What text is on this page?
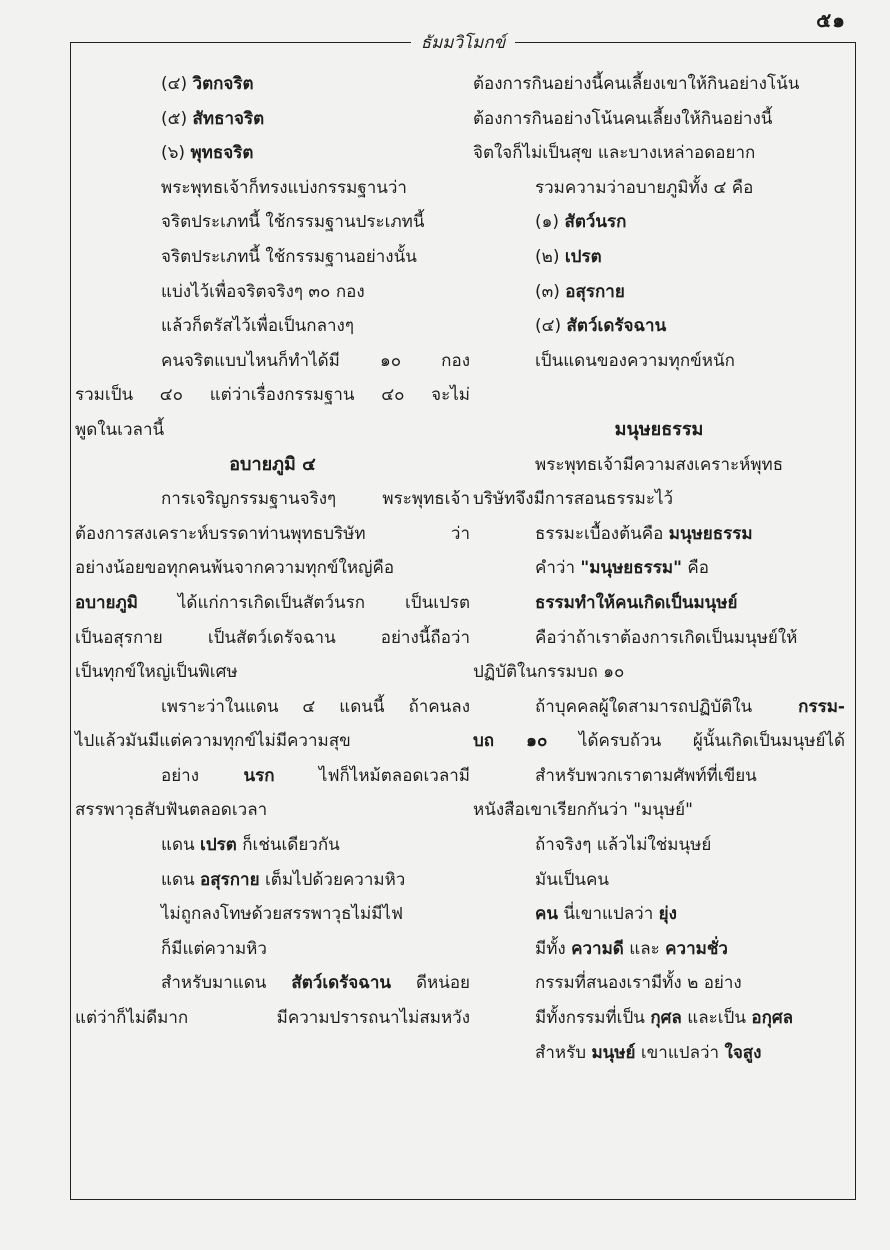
๕๑
ธัมมวิโมกข์
(๔) วิตกจริต
(๕) สัทธาจริต
(๖) พุทธจริต
พระพุทธเจ้าก็ทรงแบ่งกรรมฐานว่า
จริตประเภทนี้ ใช้กรรมฐานประเภทนี้
จริตประเภทนี้ ใช้กรรมฐานอย่างนั้น
แบ่งไว้เพื่อจริตจริงๆ ๓๐ กอง
แล้วก็ตรัสไว้เพื่อเป็นกลางๆ
คนจริตแบบไหนก็ทำได้มี ๑๐ กอง
รวมเป็น ๔๐ แต่ว่าเรื่องกรรมฐาน ๔๐ จะไม่
พูดในเวลานี้
อบายภูมิ ๔
การเจริญกรรมฐานจริงๆ พระพุทธเจ้า
ต้องการสงเคราะห์บรรดาท่านพุทธบริษัท ว่า
อย่างน้อยขอทุกคนพ้นจากความทุกข์ใหญ่คือ
อบายภูมิ ได้แก่การเกิดเป็นสัตว์นรก เป็นเปรต
เป็นอสุรกาย เป็นสัตว์เดรัจฉาน อย่างนี้ถือว่า
เป็นทุกข์ใหญ่เป็นพิเศษ
เพราะว่าในแดน ๔ แดนนี้ ถ้าคนลง
ไปแล้วมันมีแต่ความทุกข์ไม่มีความสุข
อย่าง นรก ไฟก็ไหม้ตลอดเวลามี
สรรพาวุธสับฟันตลอดเวลา
แดน เปรต ก็เช่นเดียวกัน
แดน อสุรกาย เต็มไปด้วยความหิว
ไม่ถูกลงโทษด้วยสรรพาวุธไม่มีไฟ
ก็มีแต่ความหิว
สำหรับมาแดน สัตว์เดรัจฉาน ดีหน่อย
แต่ว่าก็ไม่ดีมาก มีความปรารถนาไม่สมหวัง
ต้องการกินอย่างนี้คนเลี้ยงเขาให้กินอย่างโน้น
ต้องการกินอย่างโน้นคนเลี้ยงให้กินอย่างนี้
จิตใจก็ไม่เป็นสุข และบางเหล่าอดอยาก
รวมความว่าอบายภูมิทั้ง ๔ คือ
(๑) สัตว์นรก
(๒) เปรต
(๓) อสุรกาย
(๔) สัตว์เดรัจฉาน
เป็นแดนของความทุกข์หนัก
มนุษยธรรม
พระพุทธเจ้ามีความสงเคราะห์พุทธ
บริษัทจึงมีการสอนธรรมะไว้
ธรรมะเบื้องต้นคือ มนุษยธรรม
คำว่า "มนุษยธรรม" คือ
ธรรมทำให้คนเกิดเป็นมนุษย์
คือว่าถ้าเราต้องการเกิดเป็นมนุษย์ให้
ปฏิบัติในกรรมบถ ๑๐
ถ้าบุคคลผู้ใดสามารถปฏิบัติใน กรรม-
บถ ๑๐ ได้ครบถ้วน ผู้นั้นเกิดเป็นมนุษย์ได้
สำหรับพวกเราตามศัพท์ที่เขียน
หนังสือเขาเรียกกันว่า "มนุษย์"
ถ้าจริงๆ แล้วไม่ใช่มนุษย์
มันเป็นคน
คน นี่เขาแปลว่า ยุ่ง
มีทั้ง ความดี และ ความชั่ว
กรรมที่สนองเรามีทั้ง ๒ อย่าง
มีทั้งกรรมที่เป็น กุศล และเป็น อกุศล
สำหรับ มนุษย์ เขาแปลว่า ใจสูง
